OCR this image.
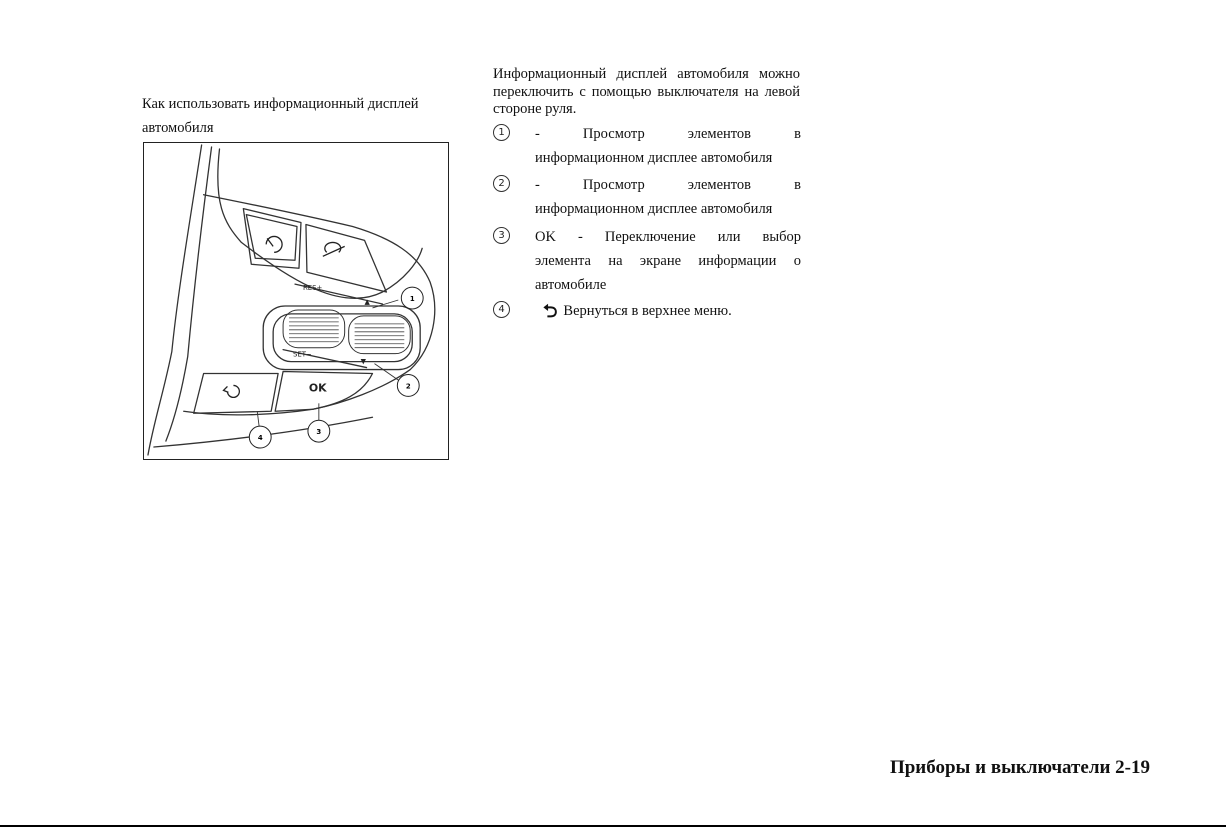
Как использовать информационный дисплей автомобиля
RES+
SET−
OK
▲
▼
1
2
3
4

Информационный дисплей автомобиля можно переключить с помощью выключателя на левой стороне руля.

1	-	Просмотр	элементов	в
информационном дисплее автомобиля
2	-	Просмотр	элементов	в
информационном дисплее автомобиля
3	OK - Переключение или выбор
элемента на экране информации о
автомобиле
4	⮌ Вернуться в верхнее меню.
Приборы и выключатели 2-19
